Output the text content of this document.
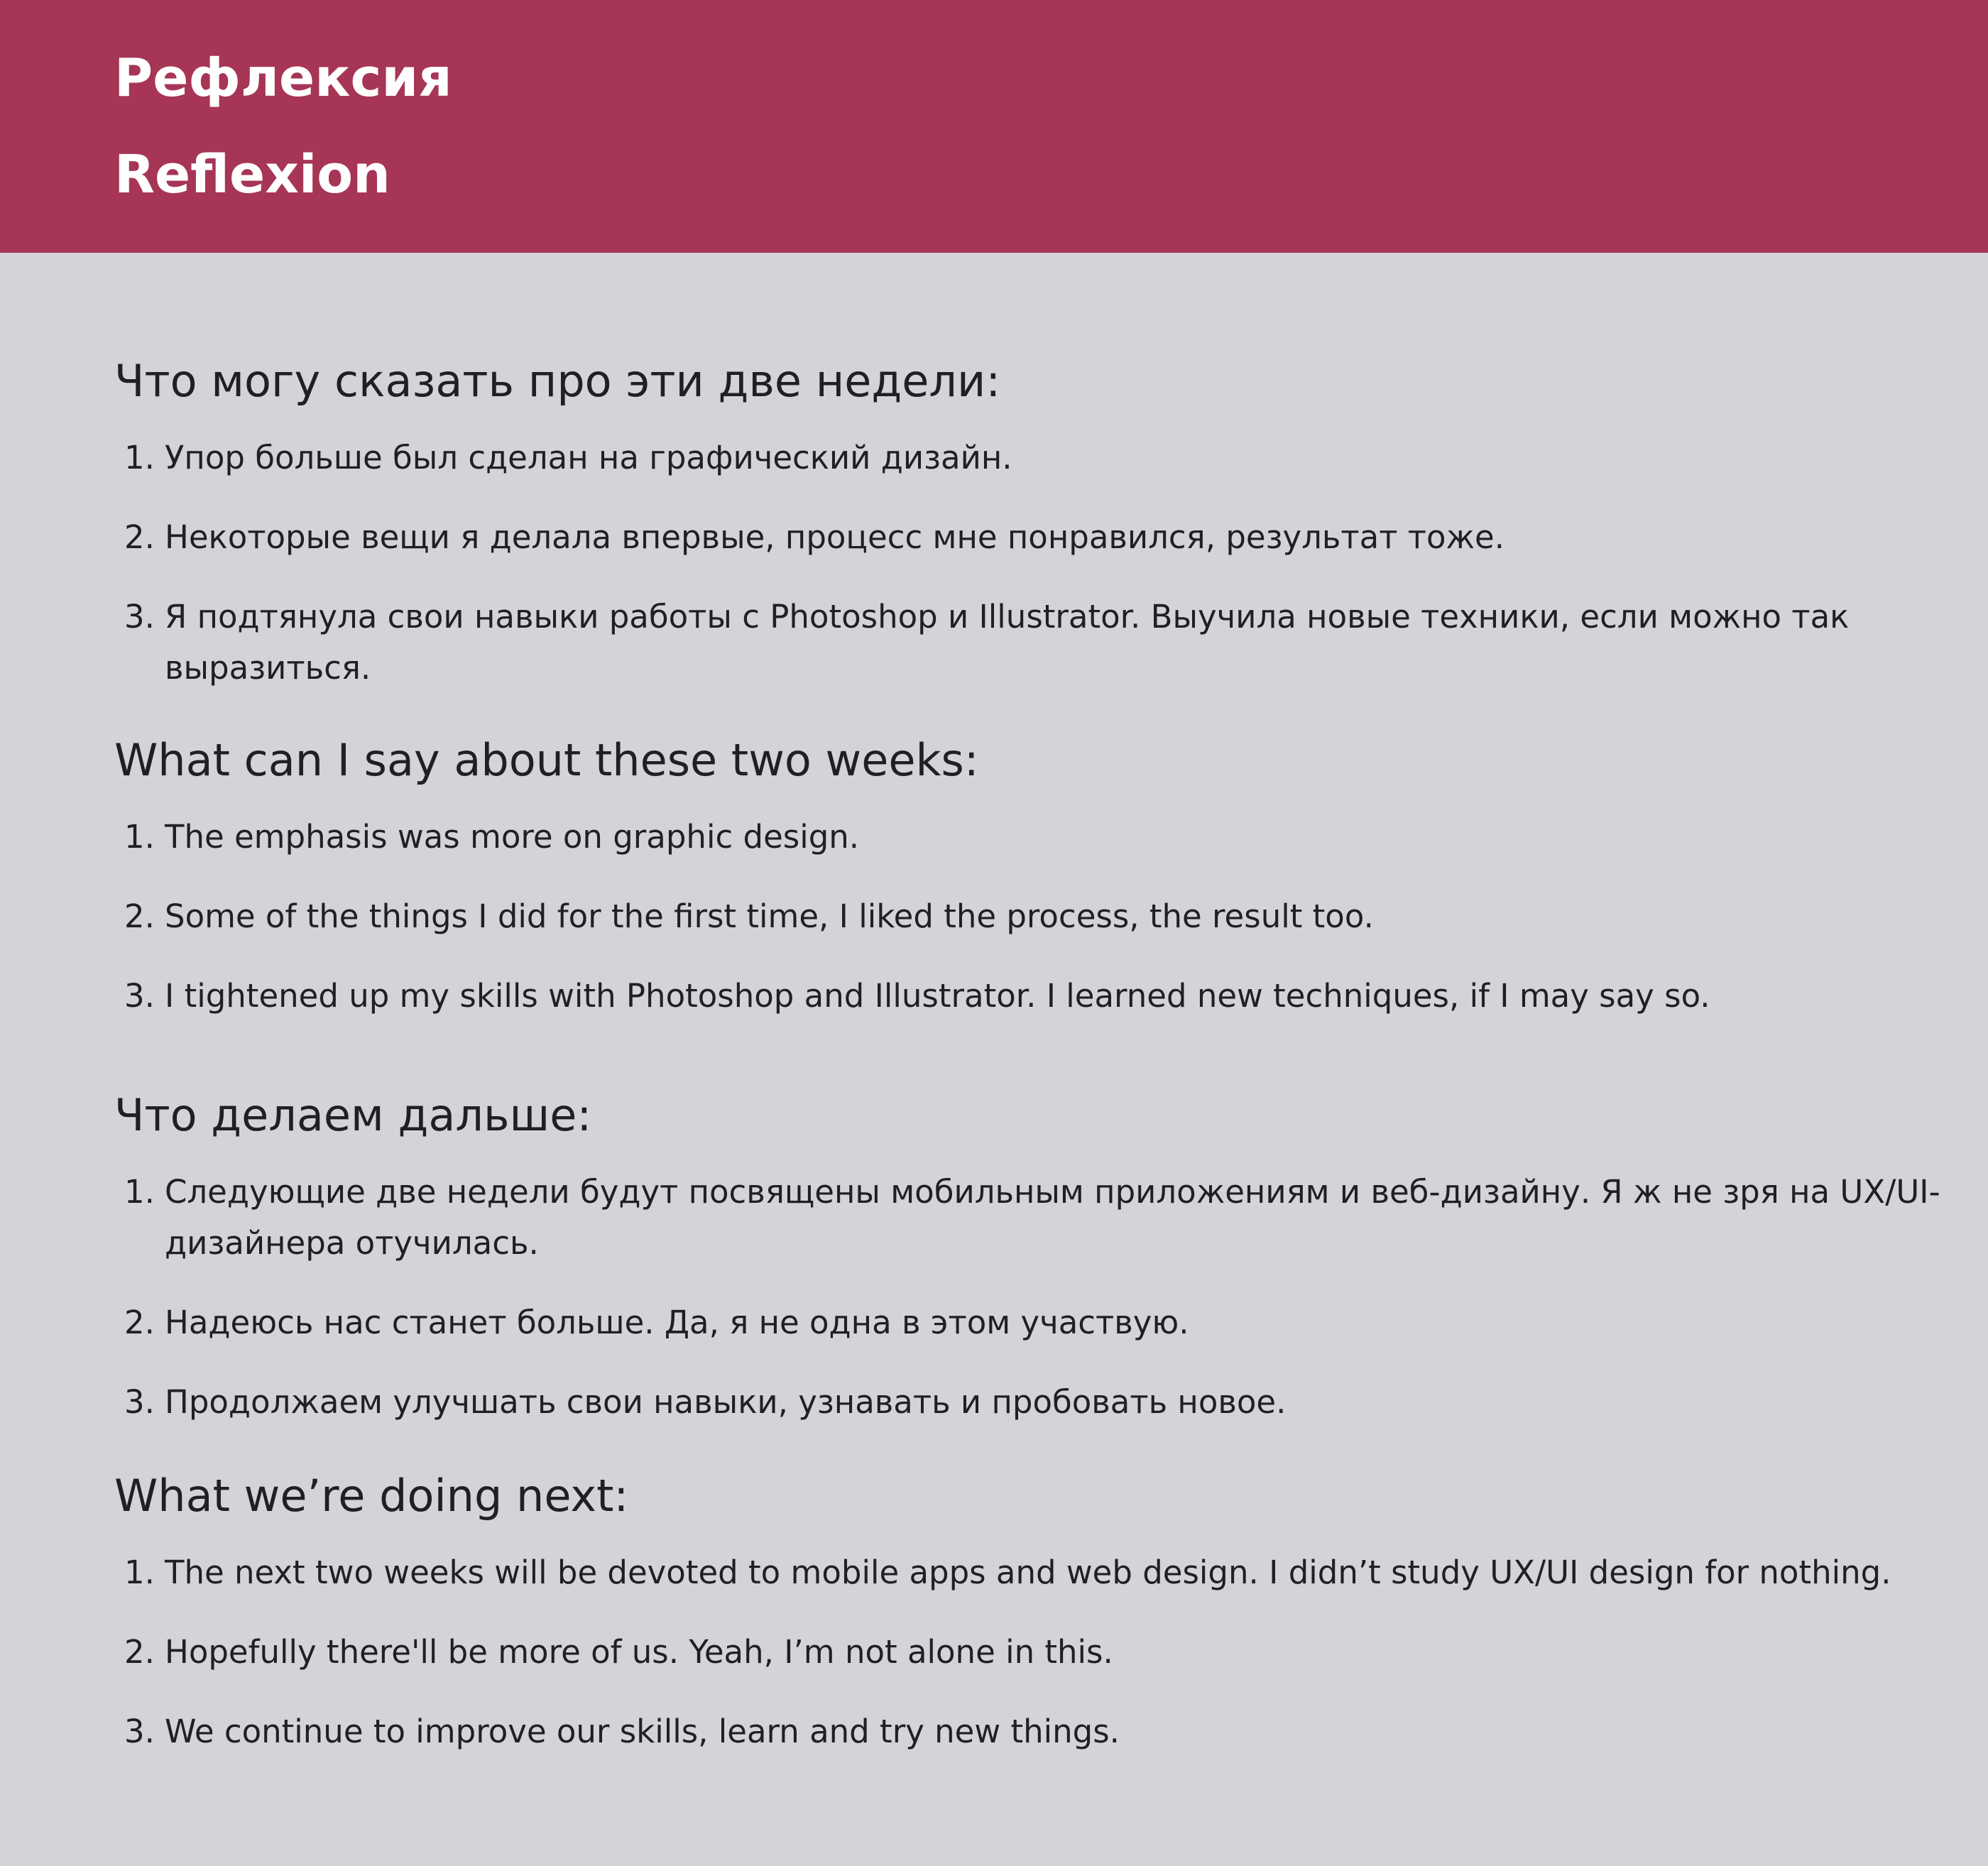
Рефлексия
Reflexion
Что могу сказать про эти две недели:
1. Упор больше был сделан на графический дизайн.
2. Некоторые вещи я делала впервые, процесс мне понравился, результат тоже.
3. Я подтянула свои навыки работы с Photoshop и Illustrator. Выучила новые техники, если можно так
выразиться.
What can I say about these two weeks:
1. The emphasis was more on graphic design.
2. Some of the things I did for the first time, I liked the process, the result too.
3. I tightened up my skills with Photoshop and Illustrator. I learned new techniques, if I may say so.
Что делаем дальше:
1. Следующие две недели будут посвящены мобильным приложениям и веб-дизайну. Я ж не зря на UX/UI-
дизайнера отучилась.
2. Надеюсь нас станет больше. Да, я не одна в этом участвую.
3. Продолжаем улучшать свои навыки, узнавать и пробовать новое.
What we’re doing next:
1. The next two weeks will be devoted to mobile apps and web design. I didn’t study UX/UI design for nothing.
2. Hopefully there'll be more of us. Yeah, I’m not alone in this.
3. We continue to improve our skills, learn and try new things.
